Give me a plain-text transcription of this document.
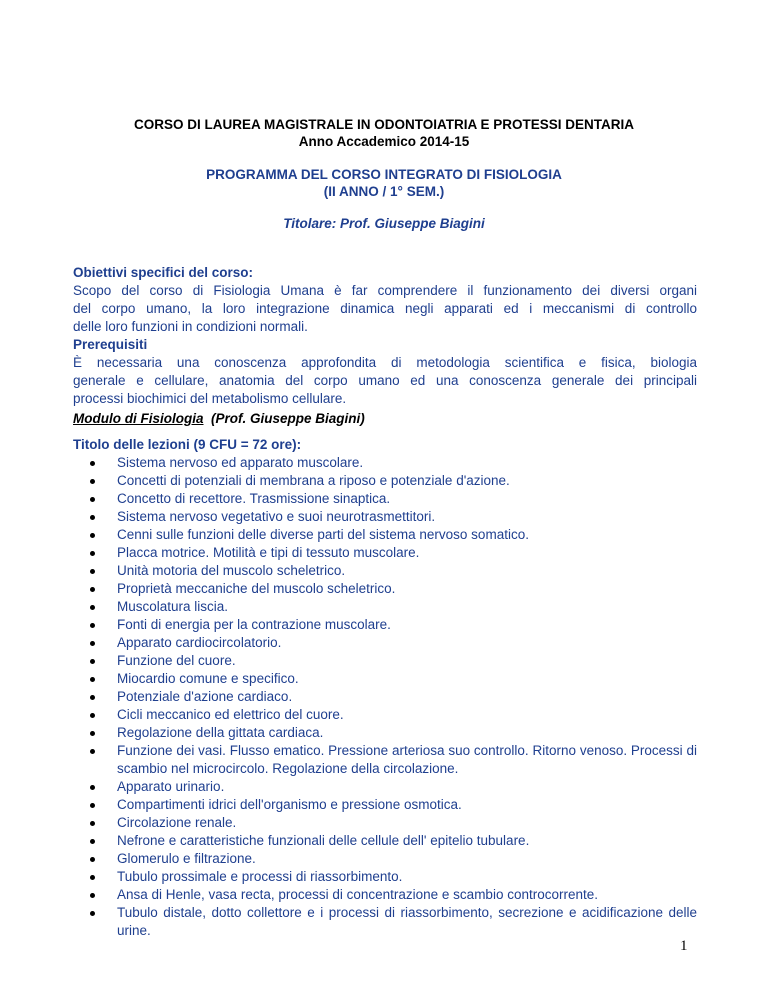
CORSO DI LAUREA MAGISTRALE IN ODONTOIATRIA E PROTESSI DENTARIA
Anno Accademico 2014-15
PROGRAMMA DEL CORSO INTEGRATO DI FISIOLOGIA
(II ANNO / 1° SEM.)
Titolare: Prof. Giuseppe Biagini
Obiettivi specifici del corso:
Scopo del corso di Fisiologia Umana è far comprendere il funzionamento dei diversi organi
del corpo umano, la loro integrazione dinamica negli apparati ed i meccanismi di controllo
delle loro funzioni in condizioni normali.
Prerequisiti
È necessaria una conoscenza approfondita di metodologia scientifica e fisica, biologia
generale e cellulare, anatomia del corpo umano ed una conoscenza generale dei principali
processi biochimici del metabolismo cellulare.
Modulo di Fisiologia (Prof. Giuseppe Biagini)
Titolo delle lezioni (9 CFU = 72 ore):
Sistema nervoso ed apparato muscolare.
Concetti di potenziali di membrana a riposo e potenziale d'azione.
Concetto di recettore. Trasmissione sinaptica.
Sistema nervoso vegetativo e suoi neurotrasmettitori.
Cenni sulle funzioni delle diverse parti del sistema nervoso somatico.
Placca motrice. Motilità e tipi di tessuto muscolare.
Unità motoria del muscolo scheletrico.
Proprietà meccaniche del muscolo scheletrico.
Muscolatura liscia.
Fonti di energia per la contrazione muscolare.
Apparato cardiocircolatorio.
Funzione del cuore.
Miocardio comune e specifico.
Potenziale d'azione cardiaco.
Cicli meccanico ed elettrico del cuore.
Regolazione della gittata cardiaca.
Funzione dei vasi. Flusso ematico. Pressione arteriosa suo controllo. Ritorno venoso. Processi di scambio nel microcircolo. Regolazione della circolazione.
Apparato urinario.
Compartimenti idrici dell'organismo e pressione osmotica.
Circolazione renale.
Nefrone e caratteristiche funzionali delle cellule dell' epitelio tubulare.
Glomerulo e filtrazione.
Tubulo prossimale e processi di riassorbimento.
Ansa di Henle, vasa recta, processi di concentrazione e scambio controcorrente.
Tubulo distale, dotto collettore e i processi di riassorbimento, secrezione e acidificazione delle urine.
1
